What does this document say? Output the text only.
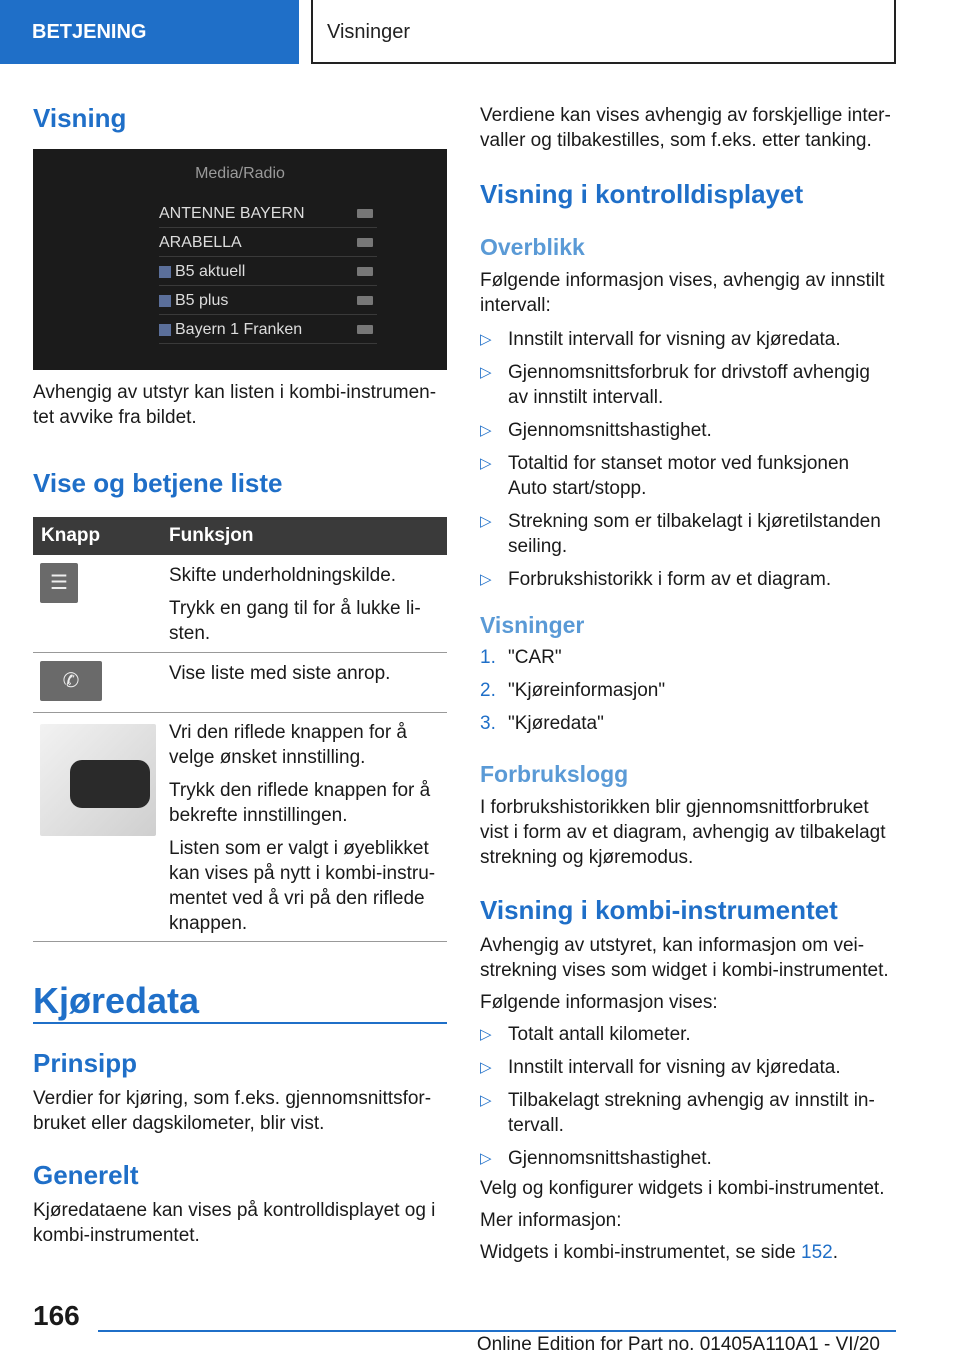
BETJENING	Visninger
166
Online Edition for Part no. 01405A110A1 - VI/20
Visning
Media/Radio
ANTENNE BAYERN
ARABELLA
B5 aktuell
B5 plus
Bayern 1 Franken
Avhengig av utstyr kan listen i kombi-instrumen-
tet avvike fra bildet.
Vise og betjene liste
Knapp	Funksjon
☰	Skifte underholdningskilde.
Trykk en gang til for å lukke li-
sten.
✆	Vise liste med siste anrop.
Vri den riflede knappen for å
velge ønsket innstilling.
Trykk den riflede knappen for å
bekrefte innstillingen.
Listen som er valgt i øyeblikket
kan vises på nytt i kombi-instru-
mentet ved å vri på den riflede
knappen.
Kjøredata
Prinsipp
Verdier for kjøring, som f.eks. gjennomsnittsfor-
bruket eller dagskilometer, blir vist.
Generelt
Kjøredataene kan vises på kontrolldisplayet og i
kombi-instrumentet.
Verdiene kan vises avhengig av forskjellige inter-
valler og tilbakestilles, som f.eks. etter tanking.
Visning i kontrolldisplayet
Overblikk
Følgende informasjon vises, avhengig av innstilt
intervall:
▷ Innstilt intervall for visning av kjøredata.
▷ Gjennomsnittsforbruk for drivstoff avhengig
av innstilt intervall.
▷ Gjennomsnittshastighet.
▷ Totaltid for stanset motor ved funksjonen
Auto start/stopp.
▷ Strekning som er tilbakelagt i kjøretilstanden
seiling.
▷ Forbrukshistorikk i form av et diagram.
Visninger
1. "CAR"
2. "Kjøreinformasjon"
3. "Kjøredata"
Forbrukslogg
I forbrukshistorikken blir gjennomsnittforbruket
vist i form av et diagram, avhengig av tilbakelagt
strekning og kjøremodus.
Visning i kombi-instrumentet
Avhengig av utstyret, kan informasjon om vei-
strekning vises som widget i kombi-instrumentet.
Følgende informasjon vises:
▷ Totalt antall kilometer.
▷ Innstilt intervall for visning av kjøredata.
▷ Tilbakelagt strekning avhengig av innstilt in-
tervall.
▷ Gjennomsnittshastighet.
Velg og konfigurer widgets i kombi-instrumentet.
Mer informasjon:
Widgets i kombi-instrumentet, se side 152.
